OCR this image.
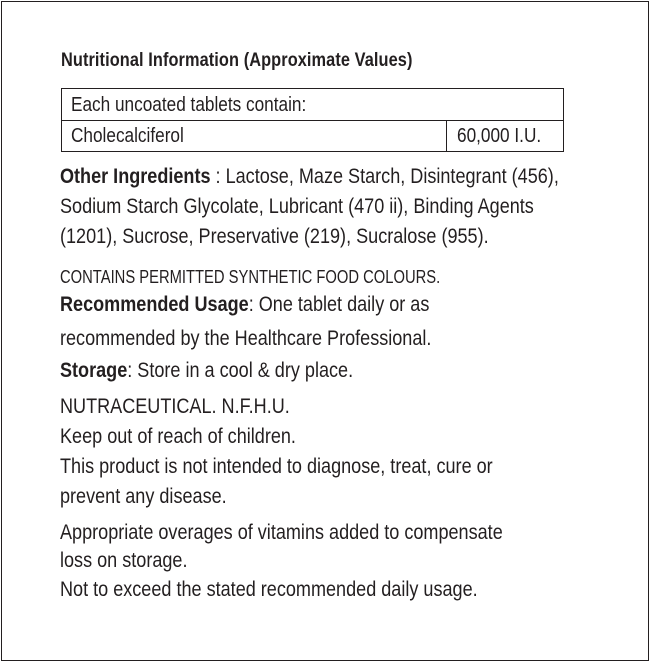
Nutritional Information (Approximate Values)
Each uncoated tablets contain:
Cholecalciferol	60,000 I.U.
Other Ingredients : Lactose, Maze Starch, Disintegrant (456),
Sodium Starch Glycolate, Lubricant (470 ii), Binding Agents
(1201), Sucrose, Preservative (219), Sucralose (955).
CONTAINS PERMITTED SYNTHETIC FOOD COLOURS.
Recommended Usage: One tablet daily or as
recommended by the Healthcare Professional.
Storage: Store in a cool & dry place.
NUTRACEUTICAL. N.F.H.U.
Keep out of reach of children.
This product is not intended to diagnose, treat, cure or
prevent any disease.
Appropriate overages of vitamins added to compensate
loss on storage.
Not to exceed the stated recommended daily usage.
